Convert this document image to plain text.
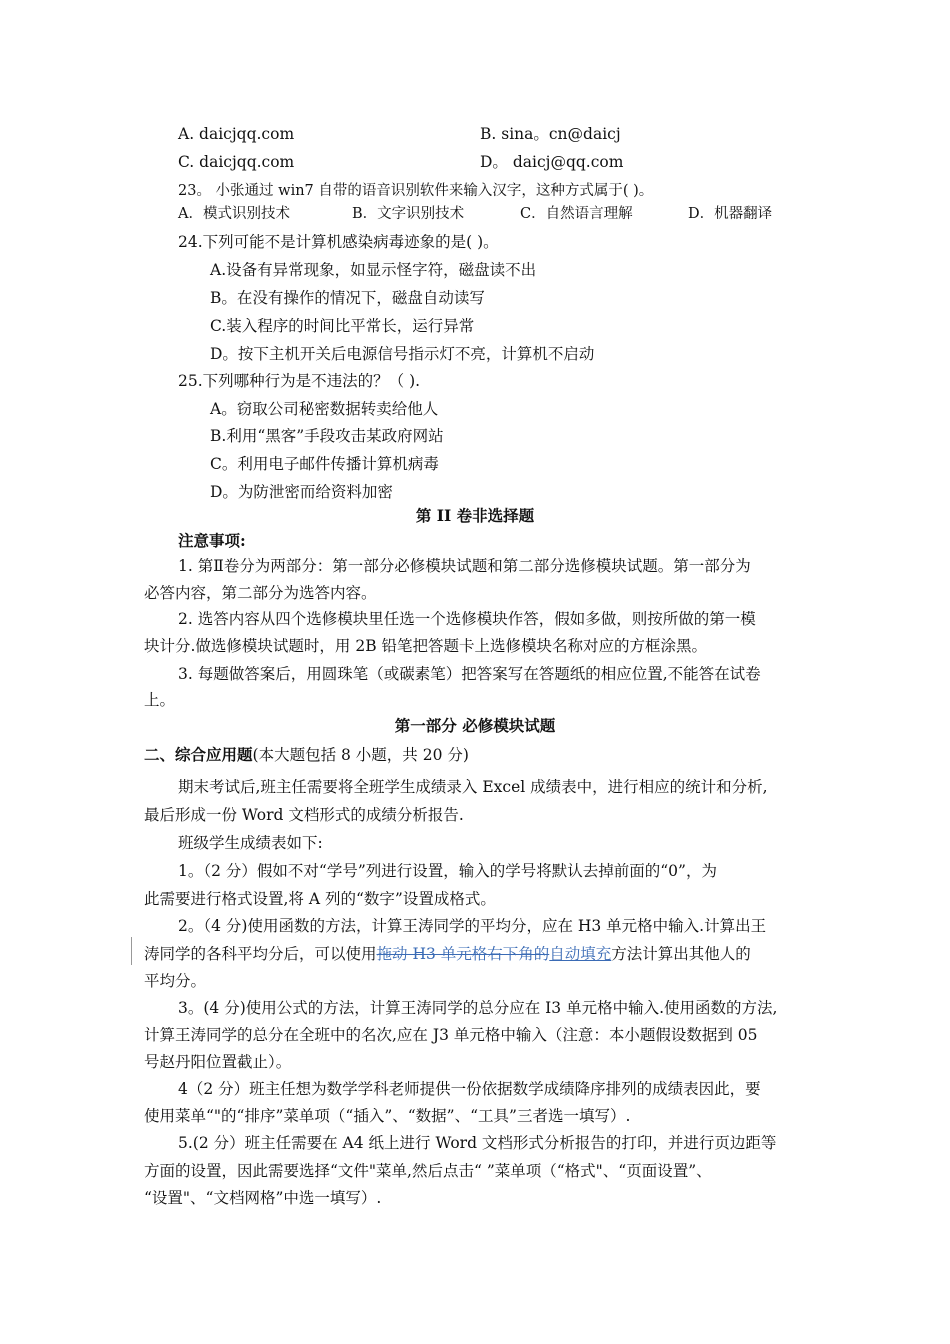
A. daicjqq.com	B. sina。cn@daicj
C. daicjqq.com	D。 daicj@qq.com
23。 小张通过 win7 自带的语音识别软件来输入汉字，这种方式属于( )。
A．模式识别技术	B．文字识别技术	C．自然语言理解	D．机器翻译
24.下列可能不是计算机感染病毒迹象的是( )。
A.设备有异常现象，如显示怪字符，磁盘读不出
B。在没有操作的情况下，磁盘自动读写
C.装入程序的时间比平常长，运行异常
D。按下主机开关后电源信号指示灯不亮，计算机不启动
25.下列哪种行为是不违法的？（ ).
A。窃取公司秘密数据转卖给他人
B.利用“黑客”手段攻击某政府网站
C。利用电子邮件传播计算机病毒
D。为防泄密而给资料加密
第 II 卷非选择题
注意事项:
1. 第Ⅱ卷分为两部分：第一部分必修模块试题和第二部分选修模块试题。第一部分为
必答内容，第二部分为选答内容。
2. 选答内容从四个选修模块里任选一个选修模块作答，假如多做，则按所做的第一模
块计分.做选修模块试题时，用 2B 铅笔把答题卡上选修模块名称对应的方框涂黑。
3. 每题做答案后，用圆珠笔（或碳素笔）把答案写在答题纸的相应位置,不能答在试卷
上。
第一部分 必修模块试题
二、综合应用题(本大题包括 8 小题，共 20 分)
期末考试后,班主任需要将全班学生成绩录入 Excel 成绩表中，进行相应的统计和分析,
最后形成一份 Word 文档形式的成绩分析报告.
班级学生成绩表如下:
1。（2 分）假如不对“学号”列进行设置，输入的学号将默认去掉前面的“0”，为
此需要进行格式设置,将 A 列的“数字”设置成格式。
2。（4 分)使用函数的方法，计算王涛同学的平均分，应在 H3 单元格中输入.计算出王
涛同学的各科平均分后，可以使用拖动 H3 单元格右下角的自动填充方法计算出其他人的
平均分。
3。(4 分)使用公式的方法，计算王涛同学的总分应在 I3 单元格中输入.使用函数的方法,
计算王涛同学的总分在全班中的名次,应在 J3 单元格中输入（注意：本小题假设数据到 05
号赵丹阳位置截止）。
4（2 分）班主任想为数学学科老师提供一份依据数学成绩降序排列的成绩表因此，要
使用菜单“"的“排序”菜单项（“插入”、“数据”、“工具”三者选一填写）.
5.(2 分）班主任需要在 A4 纸上进行 Word 文档形式分析报告的打印，并进行页边距等
方面的设置，因此需要选择“文件"菜单,然后点击“ ”菜单项（“格式"、“页面设置”、
“设置"、“文档网格”中选一填写）.
